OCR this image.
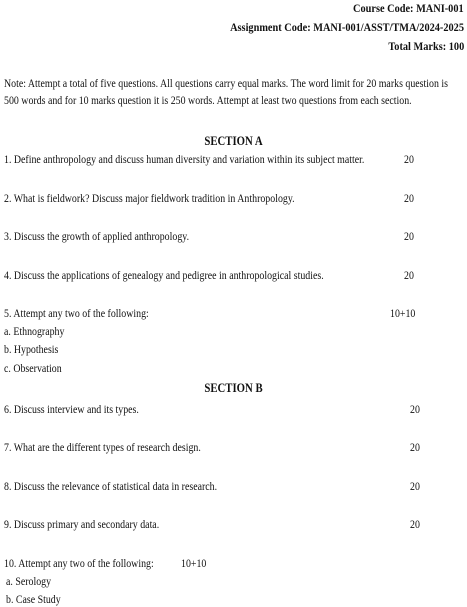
Course Code: MANI-001
Assignment Code: MANI-001/ASST/TMA/2024-2025
Total Marks: 100
Note: Attempt a total of five questions. All questions carry equal marks. The word limit for 20 marks question is 500 words and for 10 marks question it is 250 words. Attempt at least two questions from each section.
SECTION A
1. Define anthropology and discuss human diversity and variation within its subject matter.	20
2. What is fieldwork? Discuss major fieldwork tradition in Anthropology.	20
3. Discuss the growth of applied anthropology.	20
4. Discuss the applications of genealogy and pedigree in anthropological studies.	20
5. Attempt any two of the following:	10+10
a. Ethnography
b. Hypothesis
c. Observation
SECTION B
6. Discuss interview and its types.	20
7. What are the different types of research design.	20
8. Discuss the relevance of statistical data in research.	20
9. Discuss primary and secondary data.	20
10. Attempt any two of the following: 10+10
a. Serology
b. Case Study
